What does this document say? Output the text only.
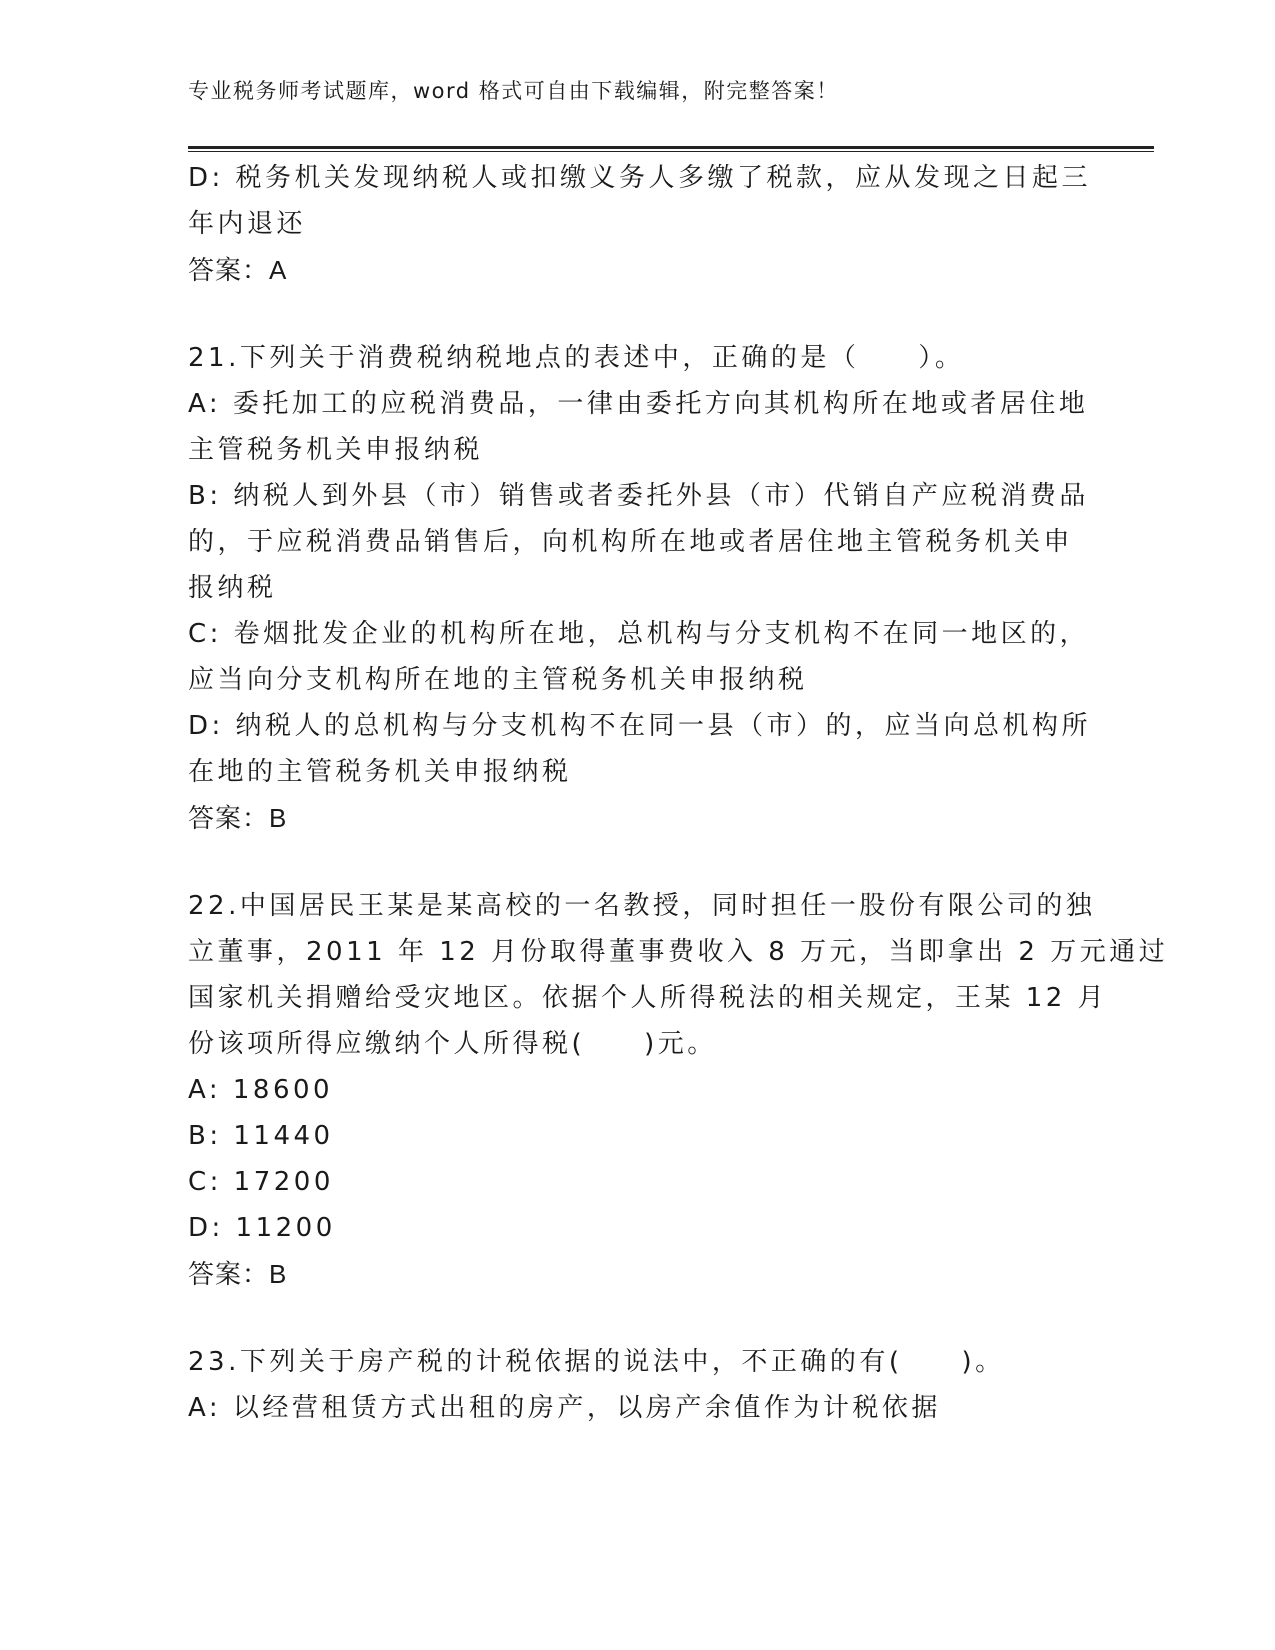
专业税务师考试题库，word 格式可自由下载编辑，附完整答案！
D: 税务机关发现纳税人或扣缴义务人多缴了税款，应从发现之日起三
年内退还
答案：A
21.下列关于消费税纳税地点的表述中，正确的是（　　）。
A: 委托加工的应税消费品，一律由委托方向其机构所在地或者居住地
主管税务机关申报纳税
B: 纳税人到外县（市）销售或者委托外县（市）代销自产应税消费品
的，于应税消费品销售后，向机构所在地或者居住地主管税务机关申
报纳税
C: 卷烟批发企业的机构所在地，总机构与分支机构不在同一地区的，
应当向分支机构所在地的主管税务机关申报纳税
D: 纳税人的总机构与分支机构不在同一县（市）的，应当向总机构所
在地的主管税务机关申报纳税
答案：B
22.中国居民王某是某高校的一名教授，同时担任一股份有限公司的独
立董事，2011 年 12 月份取得董事费收入 8 万元，当即拿出 2 万元通过
国家机关捐赠给受灾地区。依据个人所得税法的相关规定，王某 12 月
份该项所得应缴纳个人所得税(　　)元。
A: 18600
B: 11440
C: 17200
D: 11200
答案：B
23.下列关于房产税的计税依据的说法中，不正确的有(　　)。
A: 以经营租赁方式出租的房产，以房产余值作为计税依据
